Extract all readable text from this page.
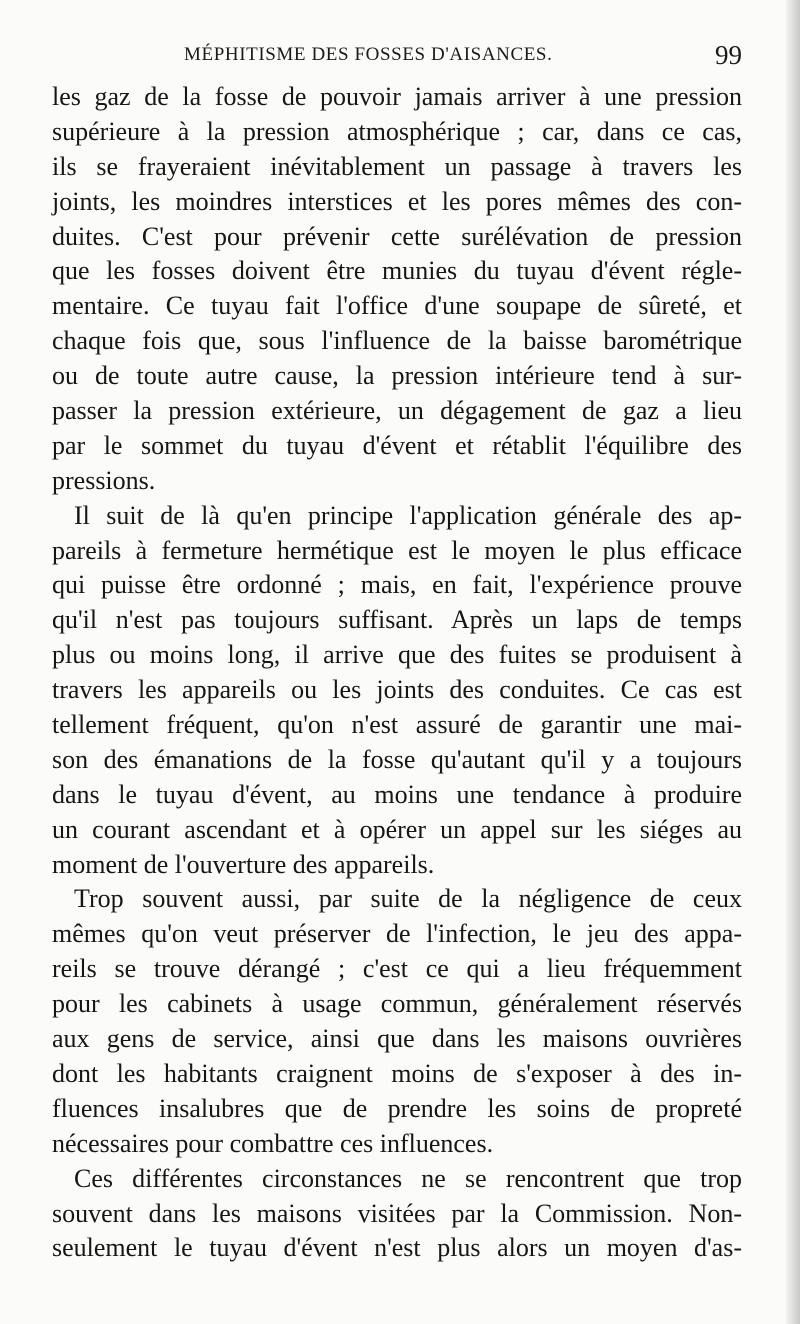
MÉPHITISME DES FOSSES D'AISANCES.	99
les gaz de la fosse de pouvoir jamais arriver à une pression
supérieure à la pression atmosphérique ; car, dans ce cas,
ils se frayeraient inévitablement un passage à travers les
joints, les moindres interstices et les pores mêmes des con-
duites. C'est pour prévenir cette surélévation de pression
que les fosses doivent être munies du tuyau d'évent régle-
mentaire. Ce tuyau fait l'office d'une soupape de sûreté, et
chaque fois que, sous l'influence de la baisse barométrique
ou de toute autre cause, la pression intérieure tend à sur-
passer la pression extérieure, un dégagement de gaz a lieu
par le sommet du tuyau d'évent et rétablit l'équilibre des
pressions.
Il suit de là qu'en principe l'application générale des ap-
pareils à fermeture hermétique est le moyen le plus efficace
qui puisse être ordonné ; mais, en fait, l'expérience prouve
qu'il n'est pas toujours suffisant. Après un laps de temps
plus ou moins long, il arrive que des fuites se produisent à
travers les appareils ou les joints des conduites. Ce cas est
tellement fréquent, qu'on n'est assuré de garantir une mai-
son des émanations de la fosse qu'autant qu'il y a toujours
dans le tuyau d'évent, au moins une tendance à produire
un courant ascendant et à opérer un appel sur les siéges au
moment de l'ouverture des appareils.
Trop souvent aussi, par suite de la négligence de ceux
mêmes qu'on veut préserver de l'infection, le jeu des appa-
reils se trouve dérangé ; c'est ce qui a lieu fréquemment
pour les cabinets à usage commun, généralement réservés
aux gens de service, ainsi que dans les maisons ouvrières
dont les habitants craignent moins de s'exposer à des in-
fluences insalubres que de prendre les soins de propreté
nécessaires pour combattre ces influences.
Ces différentes circonstances ne se rencontrent que trop
souvent dans les maisons visitées par la Commission. Non-
seulement le tuyau d'évent n'est plus alors un moyen d'as-
